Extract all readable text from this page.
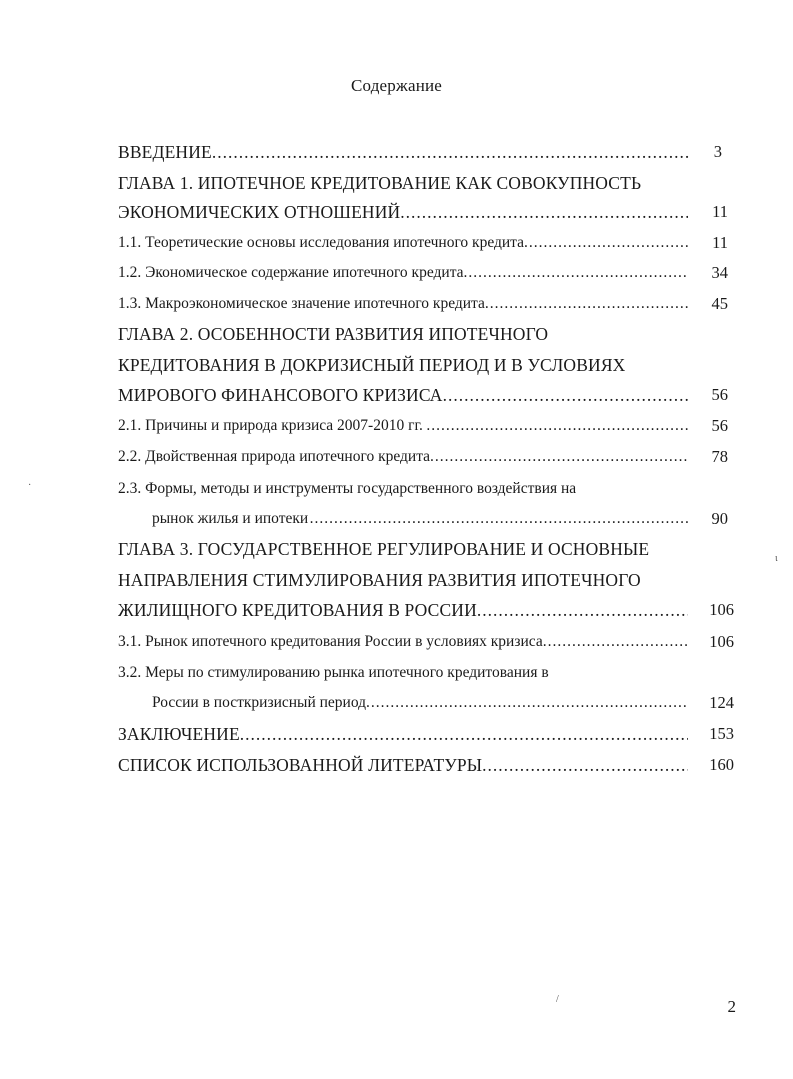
Содержание
ВВЕДЕНИЕ .....	3
ГЛАВА 1. ИПОТЕЧНОЕ КРЕДИТОВАНИЕ КАК СОВОКУПНОСТЬ
ЭКОНОМИЧЕСКИХ ОТНОШЕНИЙ .....	11
1.1. Теоретические основы исследования ипотечного кредита .....	11
1.2. Экономическое содержание ипотечного кредита .....	34
1.3. Макроэкономическое значение ипотечного кредита .....	45
ГЛАВА 2. ОСОБЕННОСТИ РАЗВИТИЯ ИПОТЕЧНОГО
КРЕДИТОВАНИЯ В ДОКРИЗИСНЫЙ ПЕРИОД И В УСЛОВИЯХ
МИРОВОГО ФИНАНСОВОГО КРИЗИСА .....	56
2.1. Причины и природа кризиса 2007-2010 гг. .....	56
2.2. Двойственная природа ипотечного кредита .....	78
2.3. Формы, методы и инструменты государственного воздействия на
рынок жилья и ипотеки .....	90
ГЛАВА 3. ГОСУДАРСТВЕННОЕ РЕГУЛИРОВАНИЕ И ОСНОВНЫЕ
НАПРАВЛЕНИЯ СТИМУЛИРОВАНИЯ РАЗВИТИЯ ИПОТЕЧНОГО
ЖИЛИЩНОГО КРЕДИТОВАНИЯ В РОССИИ .....	106
3.1. Рынок ипотечного кредитования России в условиях кризиса .....	106
3.2. Меры по стимулированию рынка ипотечного кредитования в
России в посткризисный период .....	124
ЗАКЛЮЧЕНИЕ .....	153
СПИСОК ИСПОЛЬЗОВАННОЙ ЛИТЕРАТУРЫ .....	160
·
ι
/	2
